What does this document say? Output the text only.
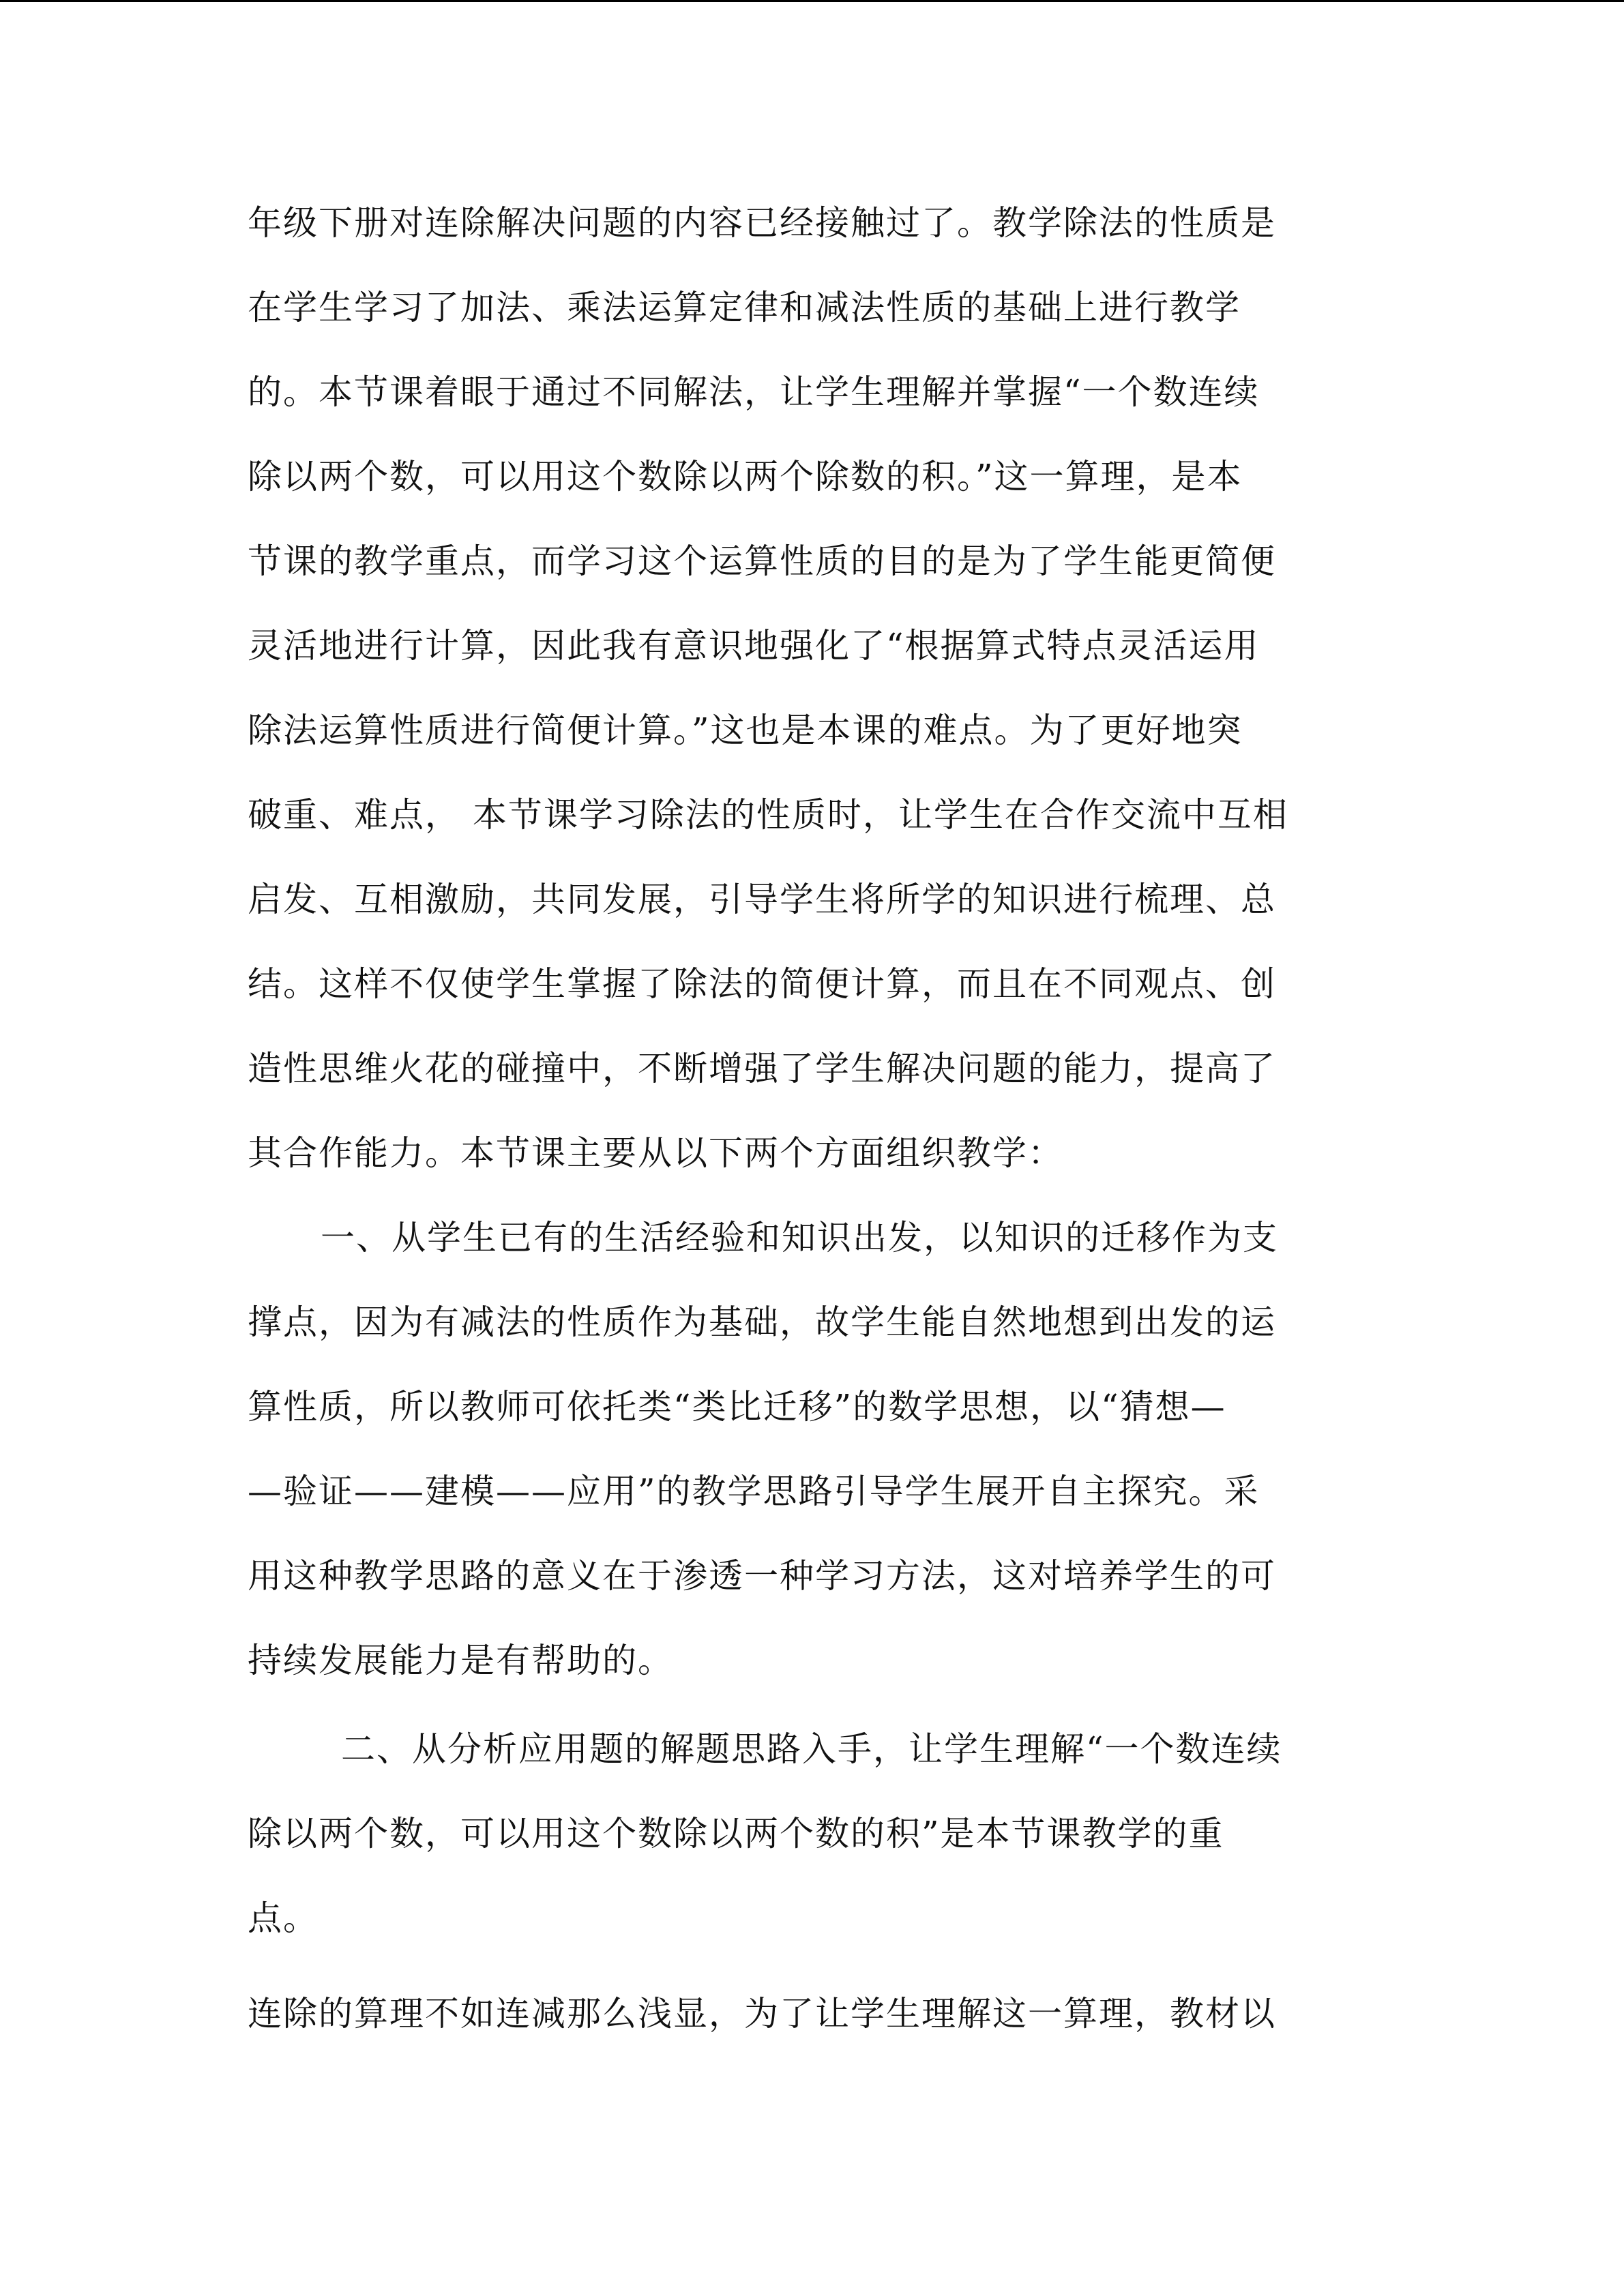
年级下册对连除解决问题的内容已经接触过了。教学除法的性质是
在学生学习了加法、乘法运算定律和减法性质的基础上进行教学
的。本节课着眼于通过不同解法，让学生理解并掌握“一个数连续
除以两个数，可以用这个数除以两个除数的积。”这一算理，是本
节课的教学重点，而学习这个运算性质的目的是为了学生能更简便
灵活地进行计算，因此我有意识地强化了“根据算式特点灵活运用
除法运算性质进行简便计算。”这也是本课的难点。为了更好地突
破重、难点， 本节课学习除法的性质时，让学生在合作交流中互相
启发、互相激励，共同发展，引导学生将所学的知识进行梳理、总
结。这样不仅使学生掌握了除法的简便计算，而且在不同观点、创
造性思维火花的碰撞中，不断增强了学生解决问题的能力，提高了
其合作能力。本节课主要从以下两个方面组织教学：
一、从学生已有的生活经验和知识出发，以知识的迁移作为支
撑点，因为有减法的性质作为基础，故学生能自然地想到出发的运
算性质，所以教师可依托类“类比迁移”的数学思想，以“猜想—
—验证——建模——应用”的教学思路引导学生展开自主探究。采
用这种教学思路的意义在于渗透一种学习方法，这对培养学生的可
持续发展能力是有帮助的。
二、从分析应用题的解题思路入手，让学生理解“一个数连续
除以两个数，可以用这个数除以两个数的积”是本节课教学的重
点。
连除的算理不如连减那么浅显，为了让学生理解这一算理，教材以
